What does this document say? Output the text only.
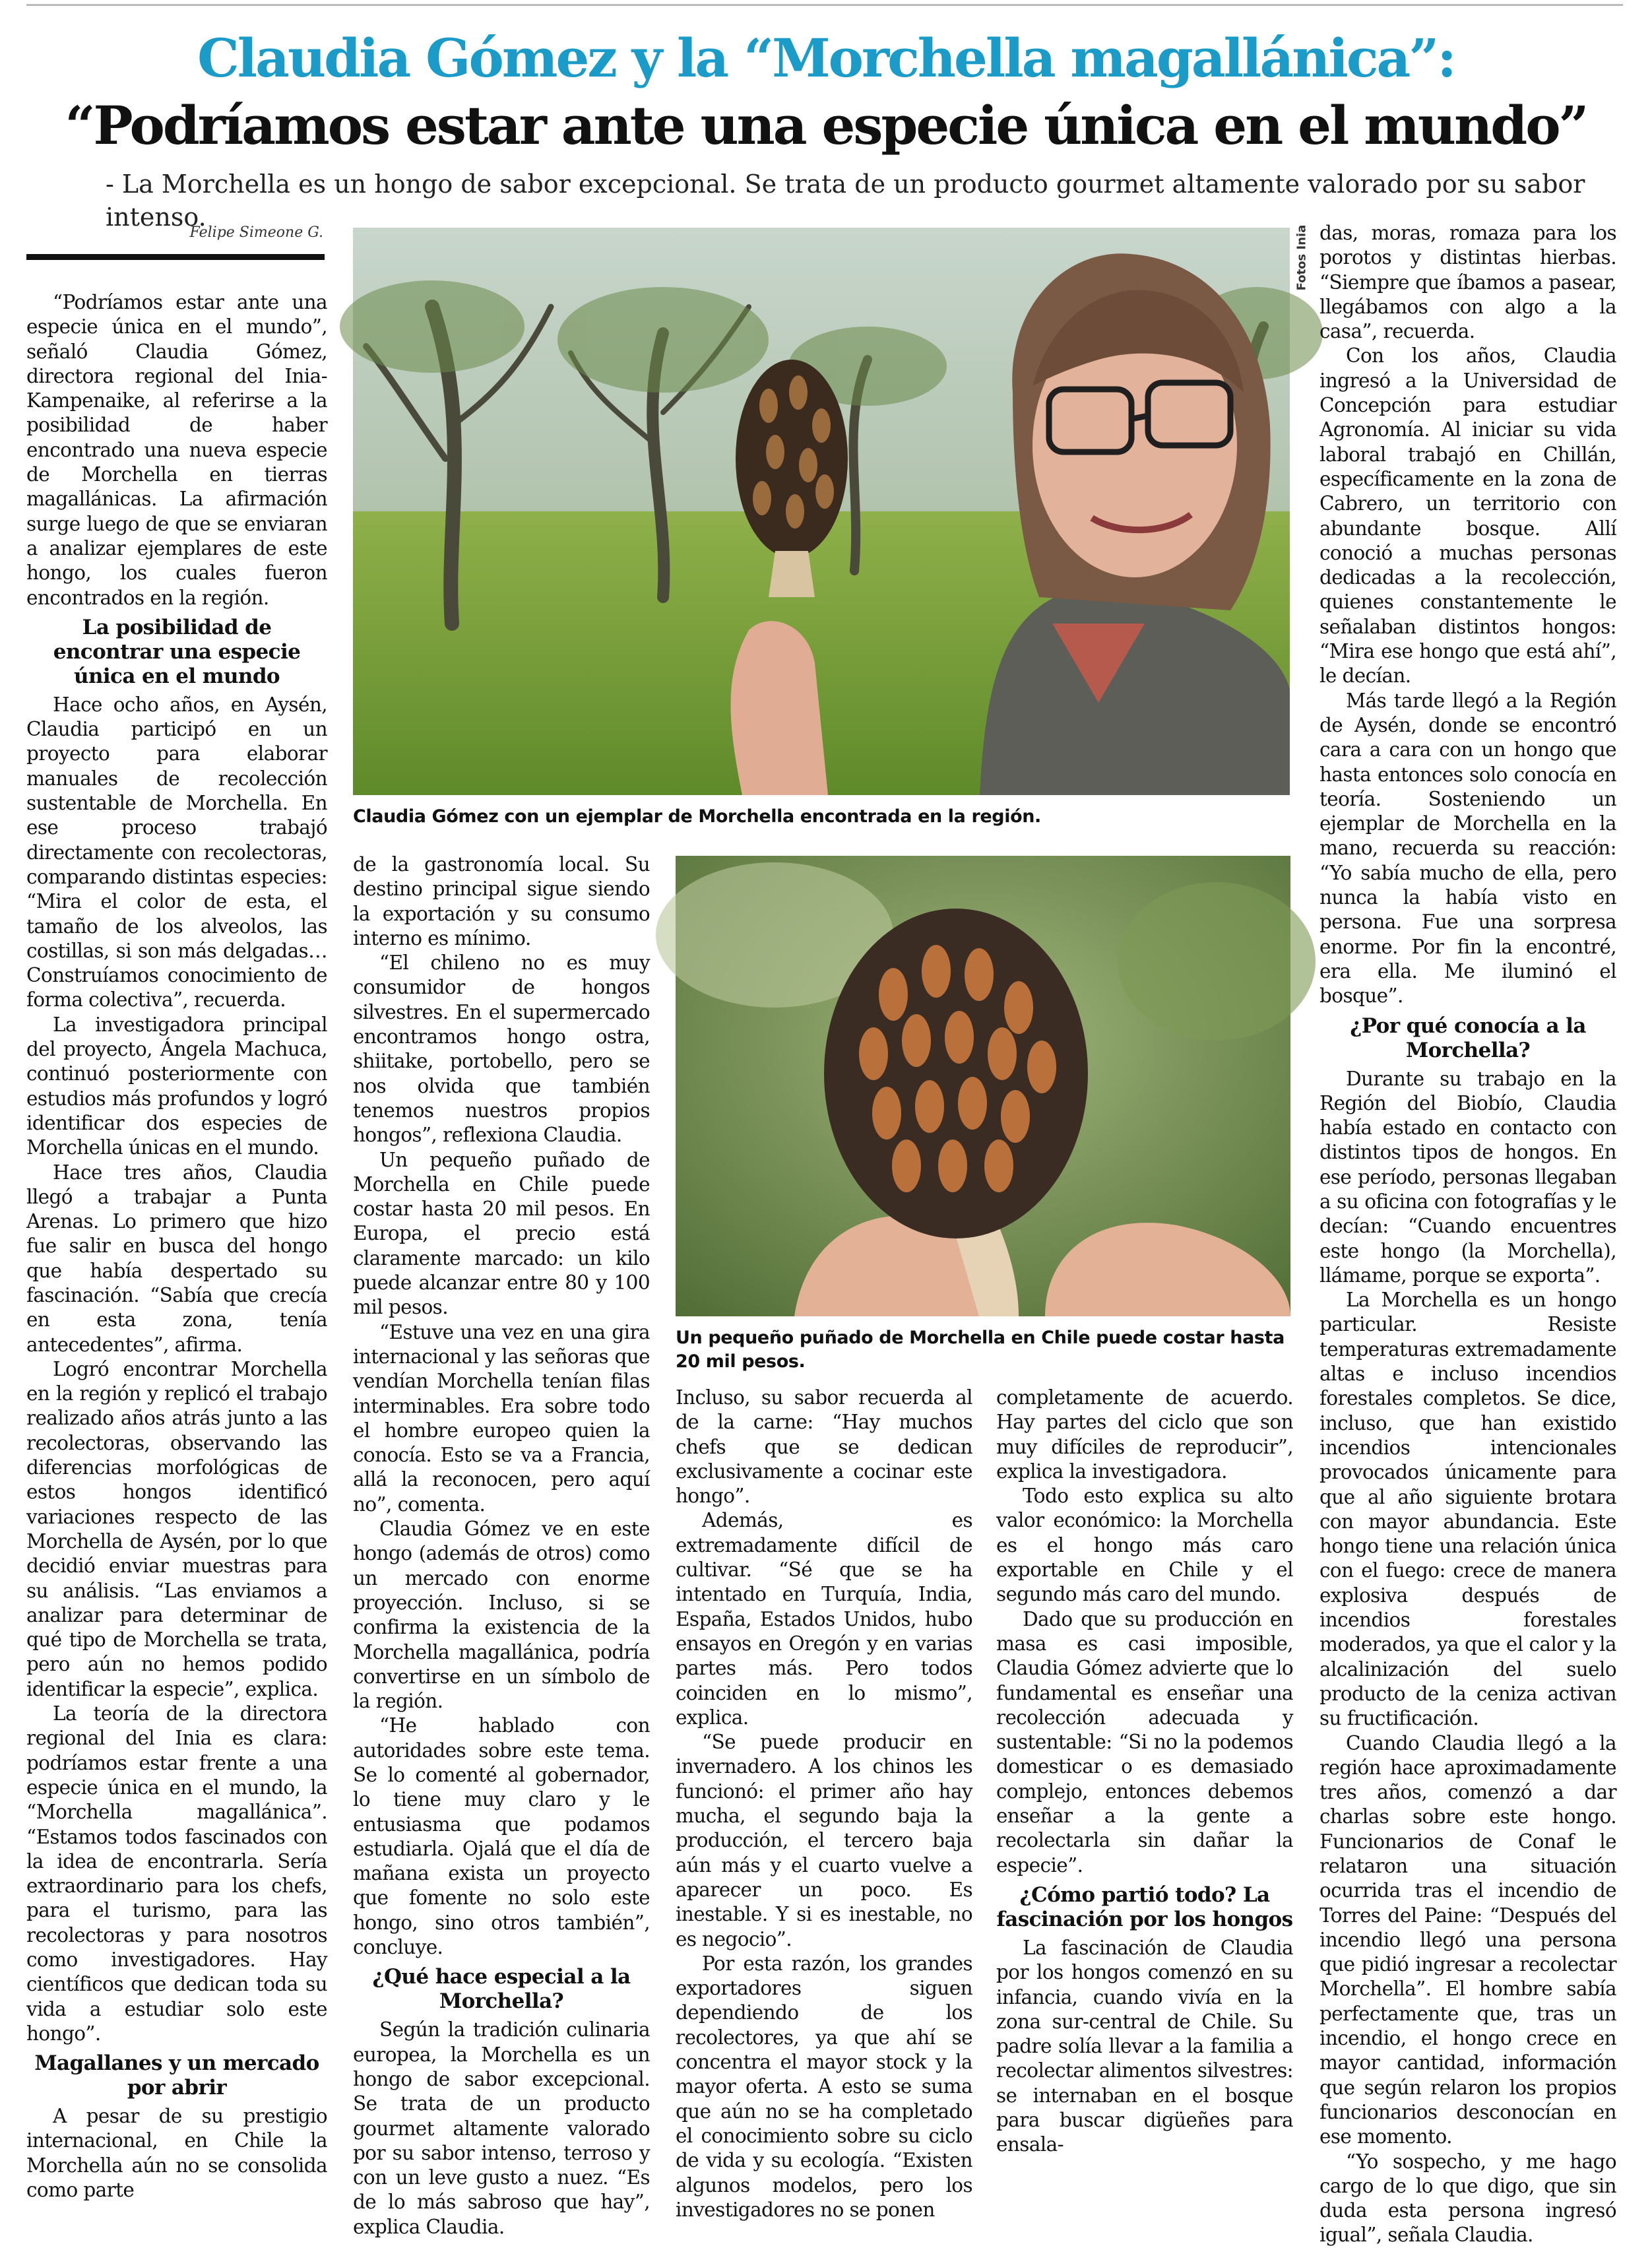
Claudia Gómez y la “Morchella magallánica”:
“Podríamos estar ante una especie única en el mundo”
- La Morchella es un hongo de sabor excepcional. Se trata de un producto gourmet altamente valorado por su sabor intenso.
Felipe Simeone G.
Claudia Gómez con un ejemplar de Morchella encontrada en la región.
Un pequeño puñado de Morchella en Chile puede costar hasta 20 mil pesos.
Fotos Inia

“Podríamos estar ante una especie única en el mundo”, señaló Claudia Gómez, directora regional del Inia-Kampenaike, al referirse a la posibilidad de haber encontrado una nueva especie de Morchella en tierras magallánicas. La afirmación surge luego de que se enviaran a analizar ejemplares de este hongo, los cuales fueron encontrados en la región.

La posibilidad de encontrar una especie única en el mundo

Hace ocho años, en Aysén, Claudia participó en un proyecto para elaborar manuales de recolección sustentable de Morchella. En ese proceso trabajó directamente con recolectoras, comparando distintas especies: “Mira el color de esta, el tamaño de los alveolos, las costillas, si son más delgadas… Construíamos conocimiento de forma colectiva”, recuerda.

La investigadora principal del proyecto, Ángela Machuca, continuó posteriormente con estudios más profundos y logró identificar dos especies de Morchella únicas en el mundo.

Hace tres años, Claudia llegó a trabajar a Punta Arenas. Lo primero que hizo fue salir en busca del hongo que había despertado su fascinación. “Sabía que crecía en esta zona, tenía antecedentes”, afirma.

Logró encontrar Morchella en la región y replicó el trabajo realizado años atrás junto a las recolectoras, observando las diferencias morfológicas de estos hongos identificó variaciones respecto de las Morchella de Aysén, por lo que decidió enviar muestras para su análisis. “Las enviamos a analizar para determinar de qué tipo de Morchella se trata, pero aún no hemos podido identificar la especie”, explica.

La teoría de la directora regional del Inia es clara: podríamos estar frente a una especie única en el mundo, la “Morchella magallánica”. “Estamos todos fascinados con la idea de encontrarla. Sería extraordinario para los chefs, para el turismo, para las recolectoras y para nosotros como investigadores. Hay científicos que dedican toda su vida a estudiar solo este hongo”.

Magallanes y un mercado por abrir

A pesar de su prestigio internacional, en Chile la Morchella aún no se consolida como parte

de la gastronomía local. Su destino principal sigue siendo la exportación y su consumo interno es mínimo.

“El chileno no es muy consumidor de hongos silvestres. En el supermercado encontramos hongo ostra, shiitake, portobello, pero se nos olvida que también tenemos nuestros propios hongos”, reflexiona Claudia.

Un pequeño puñado de Morchella en Chile puede costar hasta 20 mil pesos. En Europa, el precio está claramente marcado: un kilo puede alcanzar entre 80 y 100 mil pesos.

“Estuve una vez en una gira internacional y las señoras que vendían Morchella tenían filas interminables. Era sobre todo el hombre europeo quien la conocía. Esto se va a Francia, allá la reconocen, pero aquí no”, comenta.

Claudia Gómez ve en este hongo (además de otros) como un mercado con enorme proyección. Incluso, si se confirma la existencia de la Morchella magallánica, podría convertirse en un símbolo de la región.

“He hablado con autoridades sobre este tema. Se lo comenté al gobernador, lo tiene muy claro y le entusiasma que podamos estudiarla. Ojalá que el día de mañana exista un proyecto que fomente no solo este hongo, sino otros también”, concluye.

¿Qué hace especial a la Morchella?

Según la tradición culinaria europea, la Morchella es un hongo de sabor excepcional. Se trata de un producto gourmet altamente valorado por su sabor intenso, terroso y con un leve gusto a nuez. “Es de lo más sabroso que hay”, explica Claudia.

Incluso, su sabor recuerda al de la carne: “Hay muchos chefs que se dedican exclusivamente a cocinar este hongo”.

Además, es extremadamente difícil de cultivar. “Sé que se ha intentado en Turquía, India, España, Estados Unidos, hubo ensayos en Oregón y en varias partes más. Pero todos coinciden en lo mismo”, explica.

“Se puede producir en invernadero. A los chinos les funcionó: el primer año hay mucha, el segundo baja la producción, el tercero baja aún más y el cuarto vuelve a aparecer un poco. Es inestable. Y si es inestable, no es negocio”.

Por esta razón, los grandes exportadores siguen dependiendo de los recolectores, ya que ahí se concentra el mayor stock y la mayor oferta. A esto se suma que aún no se ha completado el conocimiento sobre su ciclo de vida y su ecología. “Existen algunos modelos, pero los investigadores no se ponen

completamente de acuerdo. Hay partes del ciclo que son muy difíciles de reproducir”, explica la investigadora.

Todo esto explica su alto valor económico: la Morchella es el hongo más caro exportable en Chile y el segundo más caro del mundo.

Dado que su producción en masa es casi imposible, Claudia Gómez advierte que lo fundamental es enseñar una recolección adecuada y sustentable: “Si no la podemos domesticar o es demasiado complejo, entonces debemos enseñar a la gente a recolectarla sin dañar la especie”.

¿Cómo partió todo? La fascinación por los hongos

La fascinación de Claudia por los hongos comenzó en su infancia, cuando vivía en la zona sur-central de Chile. Su padre solía llevar a la familia a recolectar alimentos silvestres: se internaban en el bosque para buscar digüeñes para ensala-

das, moras, romaza para los porotos y distintas hierbas. “Siempre que íbamos a pasear, llegábamos con algo a la casa”, recuerda.

Con los años, Claudia ingresó a la Universidad de Concepción para estudiar Agronomía. Al iniciar su vida laboral trabajó en Chillán, específicamente en la zona de Cabrero, un territorio con abundante bosque. Allí conoció a muchas personas dedicadas a la recolección, quienes constantemente le señalaban distintos hongos: “Mira ese hongo que está ahí”, le decían.

Más tarde llegó a la Región de Aysén, donde se encontró cara a cara con un hongo que hasta entonces solo conocía en teoría. Sosteniendo un ejemplar de Morchella en la mano, recuerda su reacción: “Yo sabía mucho de ella, pero nunca la había visto en persona. Fue una sorpresa enorme. Por fin la encontré, era ella. Me iluminó el bosque”.

¿Por qué conocía a la Morchella?

Durante su trabajo en la Región del Biobío, Claudia había estado en contacto con distintos tipos de hongos. En ese período, personas llegaban a su oficina con fotografías y le decían: “Cuando encuentres este hongo (la Morchella), llámame, porque se exporta”.

La Morchella es un hongo particular. Resiste temperaturas extremadamente altas e incluso incendios forestales completos. Se dice, incluso, que han existido incendios intencionales provocados únicamente para que al año siguiente brotara con mayor abundancia. Este hongo tiene una relación única con el fuego: crece de manera explosiva después de incendios forestales moderados, ya que el calor y la alcalinización del suelo producto de la ceniza activan su fructificación.

Cuando Claudia llegó a la región hace aproximadamente tres años, comenzó a dar charlas sobre este hongo. Funcionarios de Conaf le relataron una situación ocurrida tras el incendio de Torres del Paine: “Después del incendio llegó una persona que pidió ingresar a recolectar Morchella”. El hombre sabía perfectamente que, tras un incendio, el hongo crece en mayor cantidad, información que según relaron los propios funcionarios desconocían en ese momento.

“Yo sospecho, y me hago cargo de lo que digo, que sin duda esta persona ingresó igual”, señala Claudia.
